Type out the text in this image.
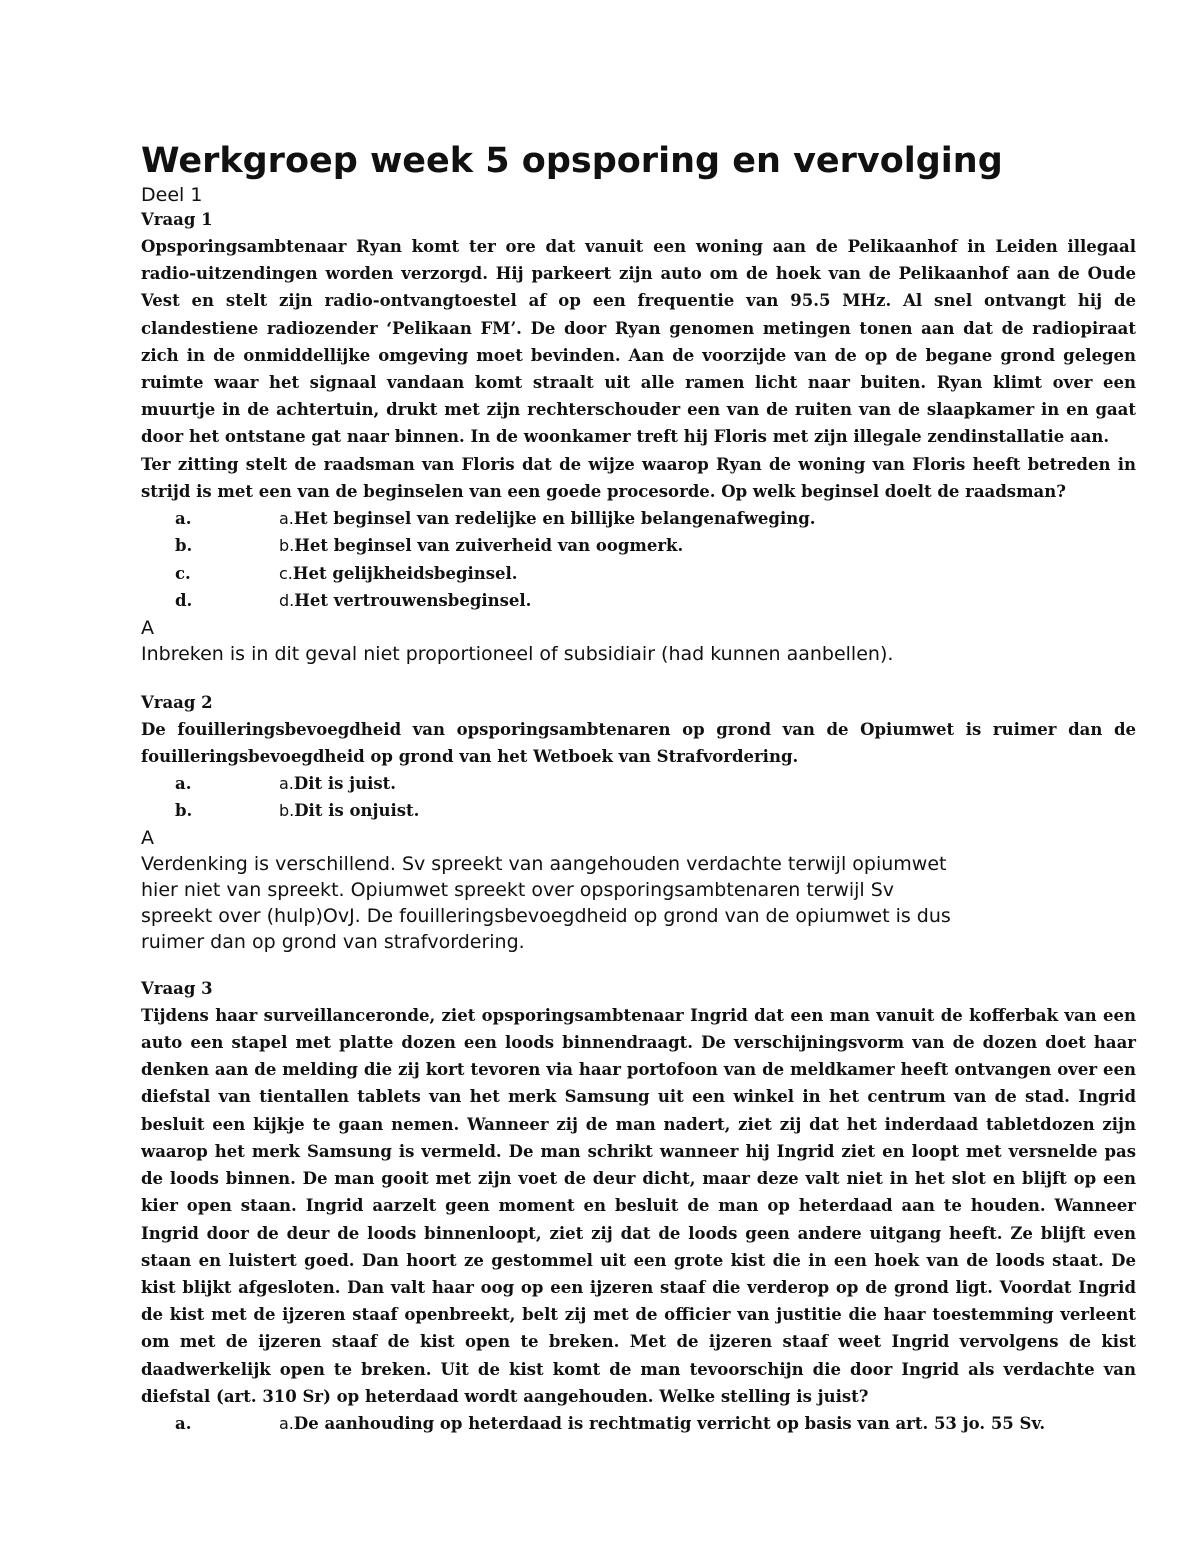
Werkgroep week 5 opsporing en vervolging

Deel 1

Vraag 1

Opsporingsambtenaar Ryan komt ter ore dat vanuit een woning aan de Pelikaanhof in Leiden illegaal radio-uitzendingen worden verzorgd. Hij parkeert zijn auto om de hoek van de Pelikaanhof aan de Oude Vest en stelt zijn radio-ontvangtoestel af op een frequentie van 95.5 MHz. Al snel ontvangt hij de clandestiene radiozender ‘Pelikaan FM’. De door Ryan genomen metingen tonen aan dat de radiopiraat zich in de onmiddellijke omgeving moet bevinden. Aan de voorzijde van de op de begane grond gelegen ruimte waar het signaal vandaan komt straalt uit alle ramen licht naar buiten. Ryan klimt over een muurtje in de achtertuin, drukt met zijn rechterschouder een van de ruiten van de slaapkamer in en gaat door het ontstane gat naar binnen. In de woonkamer treft hij Floris met zijn illegale zendinstallatie aan.

Ter zitting stelt de raadsman van Floris dat de wijze waarop Ryan de woning van Floris heeft betreden in strijd is met een van de beginselen van een goede procesorde. Op welk beginsel doelt de raadsman?

a.	a. Het beginsel van redelijke en billijke belangenafweging.
b.	b. Het beginsel van zuiverheid van oogmerk.
c.	c. Het gelijkheidsbeginsel.
d.	d. Het vertrouwensbeginsel.

A

Inbreken is in dit geval niet proportioneel of subsidiair (had kunnen aanbellen).

Vraag 2

De fouilleringsbevoegdheid van opsporingsambtenaren op grond van de Opiumwet is ruimer dan de fouilleringsbevoegdheid op grond van het Wetboek van Strafvordering.

a.	a. Dit is juist.
b.	b. Dit is onjuist.

A

Verdenking is verschillend. Sv spreekt van aangehouden verdachte terwijl opiumwet

hier niet van spreekt. Opiumwet spreekt over opsporingsambtenaren terwijl Sv

spreekt over (hulp)OvJ. De fouilleringsbevoegdheid op grond van de opiumwet is dus

ruimer dan op grond van strafvordering.

Vraag 3

Tijdens haar surveillanceronde, ziet opsporingsambtenaar Ingrid dat een man vanuit de kofferbak van een auto een stapel met platte dozen een loods binnendraagt. De verschijningsvorm van de dozen doet haar denken aan de melding die zij kort tevoren via haar portofoon van de meldkamer heeft ontvangen over een diefstal van tientallen tablets van het merk Samsung uit een winkel in het centrum van de stad. Ingrid besluit een kijkje te gaan nemen. Wanneer zij de man nadert, ziet zij dat het inderdaad tabletdozen zijn waarop het merk Samsung is vermeld. De man schrikt wanneer hij Ingrid ziet en loopt met versnelde pas de loods binnen. De man gooit met zijn voet de deur dicht, maar deze valt niet in het slot en blijft op een kier open staan. Ingrid aarzelt geen moment en besluit de man op heterdaad aan te houden. Wanneer Ingrid door de deur de loods binnenloopt, ziet zij dat de loods geen andere uitgang heeft. Ze blijft even staan en luistert goed. Dan hoort ze gestommel uit een grote kist die in een hoek van de loods staat. De kist blijkt afgesloten. Dan valt haar oog op een ijzeren staaf die verderop op de grond ligt. Voordat Ingrid de kist met de ijzeren staaf openbreekt, belt zij met de officier van justitie die haar toestemming verleent om met de ijzeren staaf de kist open te breken. Met de ijzeren staaf weet Ingrid vervolgens de kist daadwerkelijk open te breken. Uit de kist komt de man tevoorschijn die door Ingrid als verdachte van diefstal (art. 310 Sr) op heterdaad wordt aangehouden. Welke stelling is juist?

a.	a. De aanhouding op heterdaad is rechtmatig verricht op basis van art. 53 jo. 55 Sv.
